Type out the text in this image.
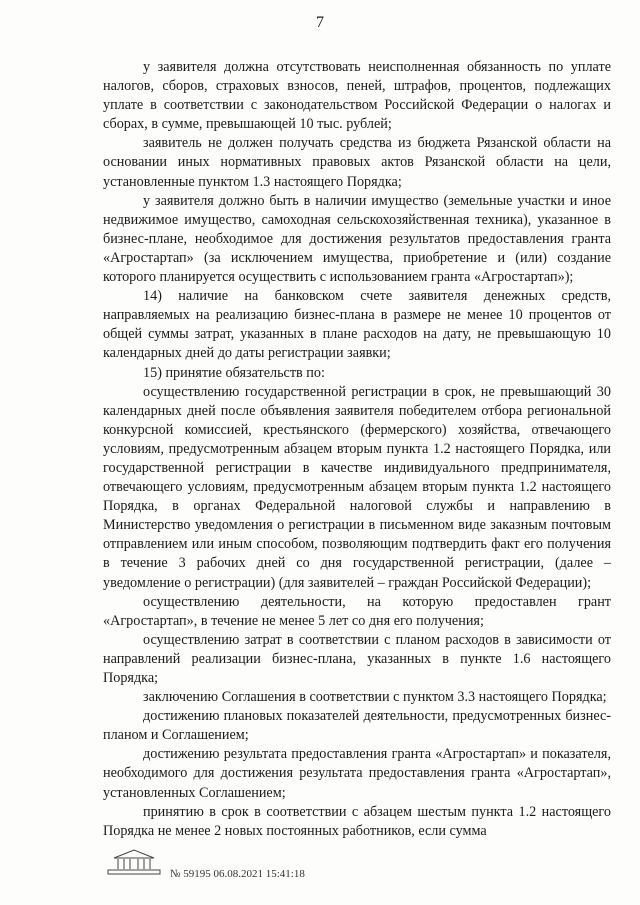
7

у заявителя должна отсутствовать неисполненная обязанность по уплате налогов, сборов, страховых взносов, пеней, штрафов, процентов, подлежащих уплате в соответствии с законодательством Российской Федерации о налогах и сборах, в сумме, превышающей 10 тыс. рублей;

заявитель не должен получать средства из бюджета Рязанской области на основании иных нормативных правовых актов Рязанской области на цели, установленные пунктом 1.3 настоящего Порядка;

у заявителя должно быть в наличии имущество (земельные участки и иное недвижимое имущество, самоходная сельскохозяйственная техника), указанное в бизнес-плане, необходимое для достижения результатов предоставления гранта «Агростартап» (за исключением имущества, приобретение и (или) создание которого планируется осуществить с использованием гранта «Агростартап»);

14) наличие на банковском счете заявителя денежных средств, направляемых на реализацию бизнес-плана в размере не менее 10 процентов от общей суммы затрат, указанных в плане расходов на дату, не превышающую 10 календарных дней до даты регистрации заявки;

15) принятие обязательств по:

осуществлению государственной регистрации в срок, не превышающий 30 календарных дней после объявления заявителя победителем отбора региональной конкурсной комиссией, крестьянского (фермерского) хозяйства, отвечающего условиям, предусмотренным абзацем вторым пункта 1.2 настоящего Порядка, или государственной регистрации в качестве индивидуального предпринимателя, отвечающего условиям, предусмотренным абзацем вторым пункта 1.2 настоящего Порядка, в органах Федеральной налоговой службы и направлению в Министерство уведомления о регистрации в письменном виде заказным почтовым отправлением или иным способом, позволяющим подтвердить факт его получения в течение 3 рабочих дней со дня государственной регистрации, (далее – уведомление о регистрации) (для заявителей – граждан Российской Федерации);

осуществлению деятельности, на которую предоставлен грант «Агростартап», в течение не менее 5 лет со дня его получения;

осуществлению затрат в соответствии с планом расходов в зависимости от направлений реализации бизнес-плана, указанных в пункте 1.6 настоящего Порядка;

заключению Соглашения в соответствии с пунктом 3.3 настоящего Порядка;

достижению плановых показателей деятельности, предусмотренных бизнес-планом и Соглашением;

достижению результата предоставления гранта «Агростартап» и показателя, необходимого для достижения результата предоставления гранта «Агростартап», установленных Соглашением;

принятию в срок в соответствии с абзацем шестым пункта 1.2 настоящего Порядка не менее 2 новых постоянных работников, если сумма

№ 59195 06.08.2021 15:41:18
